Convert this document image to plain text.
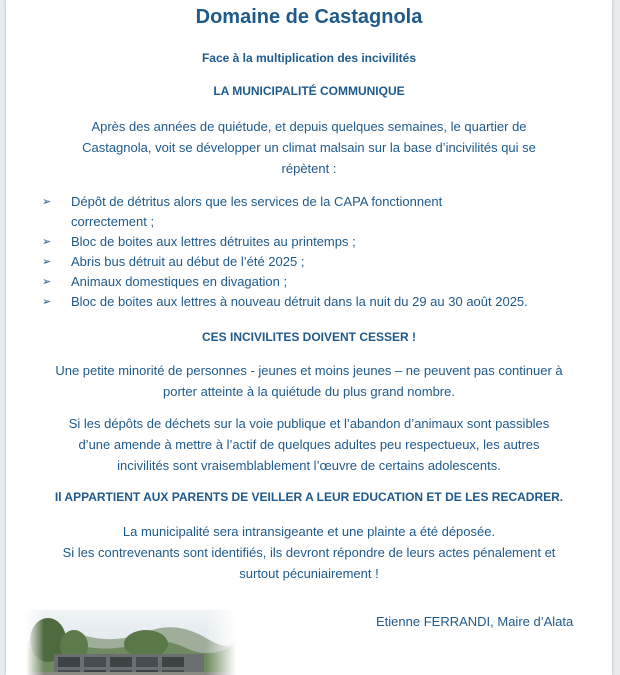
Domaine de Castagnola
Face à la multiplication des incivilités
LA MUNICIPALITÉ COMMUNIQUE
Après des années de quiétude, et depuis quelques semaines, le quartier de
Castagnola, voit se développer un climat malsain sur la base d’incivilités qui se
répètent :
➢	Dépôt de détritus alors que les services de la CAPA fonctionnent
correctement ;
➢	Bloc de boites aux lettres détruites au printemps ;
➢	Abris bus détruit au début de l’été 2025 ;
➢	Animaux domestiques en divagation ;
➢	Bloc de boites aux lettres à nouveau détruit dans la nuit du 29 au 30 août 2025.
CES INCIVILITES DOIVENT CESSER !
Une petite minorité de personnes - jeunes et moins jeunes – ne peuvent pas continuer à
porter atteinte à la quiétude du plus grand nombre.
Si les dépôts de déchets sur la voie publique et l’abandon d’animaux sont passibles
d’une amende à mettre à l’actif de quelques adultes peu respectueux, les autres
incivilités sont vraisemblablement l’œuvre de certains adolescents.
Il APPARTIENT AUX PARENTS DE VEILLER A LEUR EDUCATION ET DE LES RECADRER.
La municipalité sera intransigeante et une plainte a été déposée.
Si les contrevenants sont identifiés, ils devront répondre de leurs actes pénalement et
surtout pécuniairement !
Etienne FERRANDI, Maire d’Alata
